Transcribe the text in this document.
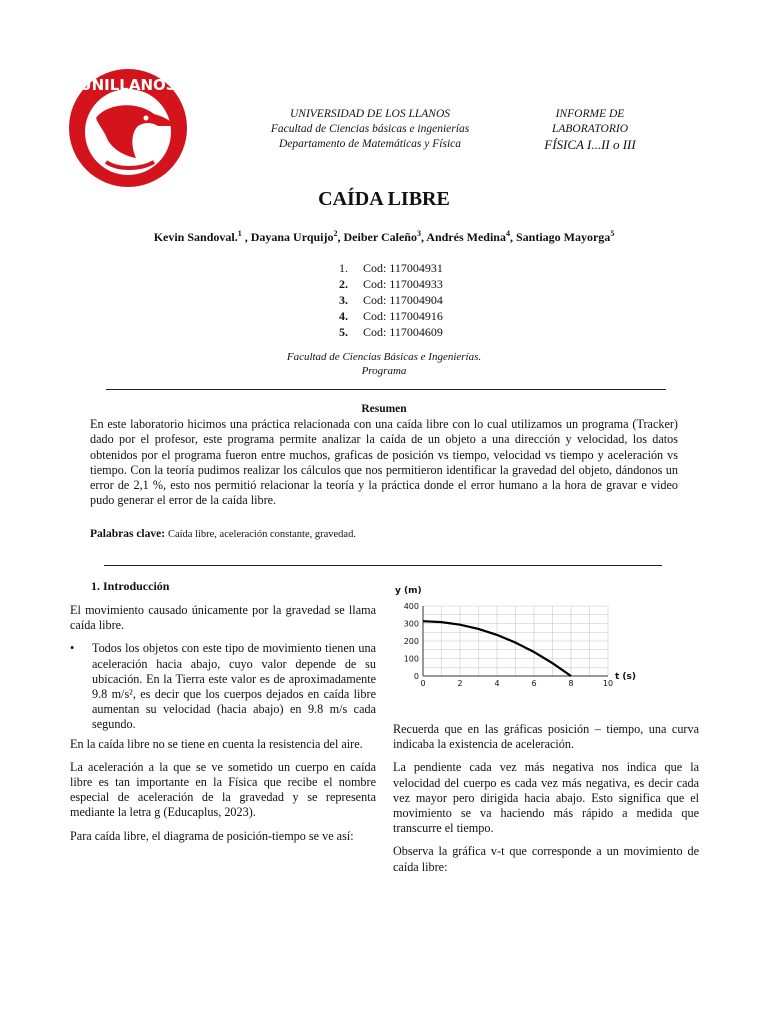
UNILLANOS
UNIVERSIDAD DE LOS LLANOS
Facultad de Ciencias básicas e ingenierías
Departamento de Matemáticas y Física
INFORME DE
LABORATORIO
FÍSICA I...II o III
CAÍDA LIBRE
Kevin Sandoval.$^1$ , Dayana Urquijo$^2$, Deiber Caleño$^3$, Andrés Medina$^4$, Santiago Mayorga$^5$
1.	Cod: 117004931
2.	Cod: 117004933
3.	Cod: 117004904
4.	Cod: 117004916
5.	Cod: 117004609
Facultad de Ciencias Básicas e Ingenierías.
Programa
Resumen
En este laboratorio hicimos una práctica relacionada con una caída libre con lo cual utilizamos un programa (Tracker) dado por el profesor, este programa permite analizar la caída de un objeto a una dirección y velocidad, los datos obtenidos por el programa fueron entre muchos, graficas de posición vs tiempo, velocidad vs tiempo y aceleración vs tiempo. Con la teoría pudimos realizar los cálculos que nos permitieron identificar la gravedad del objeto, dándonos un error de 2,1 %, esto nos permitió relacionar la teoría y la práctica donde el error humano a la hora de gravar e video pudo generar el error de la caída libre.
Palabras clave: Caída libre, aceleración constante, gravedad.
1. Introducción

El movimiento causado únicamente por la gravedad se llama caída libre.

•	Todos los objetos con este tipo de movimiento tienen una aceleración hacia abajo, cuyo valor depende de su ubicación. En la Tierra este valor es de aproximadamente 9.8 m/s², es decir que los cuerpos dejados en caída libre aumentan su velocidad (hacia abajo) en 9.8 m/s cada segundo.

En la caída libre no se tiene en cuenta la resistencia del aire.

La aceleración a la que se ve sometido un cuerpo en caída libre es tan importante en la Física que recibe el nombre especial de aceleración de la gravedad y se representa mediante la letra g (Educaplus, 2023).

Para caída libre, el diagrama de posición-tiempo se ve así:

0	2	4	6	8	10
0
100
200
300
400
y (m)
t (s)

Recuerda que en las gráficas posición – tiempo, una curva indicaba la existencia de aceleración.

La pendiente cada vez más negativa nos indica que la velocidad del cuerpo es cada vez más negativa, es decir cada vez mayor pero dirigida hacia abajo. Esto significa que el movimiento se va haciendo más rápido a medida que transcurre el tiempo.

Observa la gráfica v-t que corresponde a un movimiento de caída libre:
